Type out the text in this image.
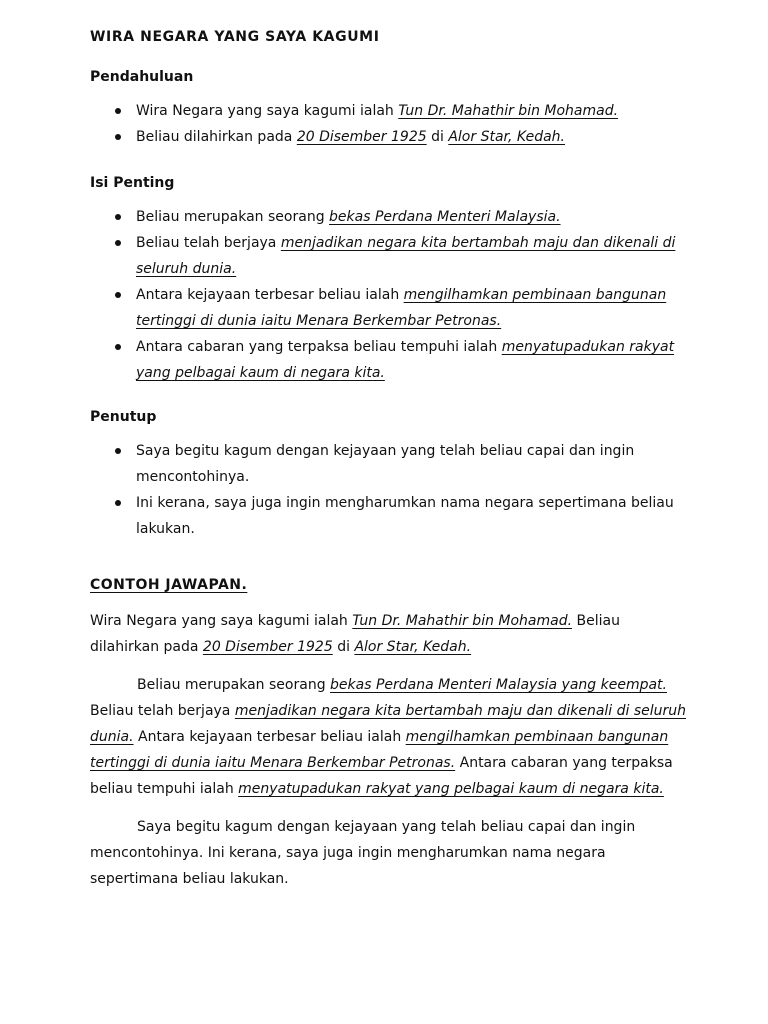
WIRA NEGARA YANG SAYA KAGUMI
Pendahuluan
Wira Negara yang saya kagumi ialah Tun Dr. Mahathir bin Mohamad.
Beliau dilahirkan pada 20 Disember 1925 di Alor Star, Kedah.
Isi Penting
Beliau merupakan seorang bekas Perdana Menteri Malaysia.
Beliau telah berjaya menjadikan negara kita bertambah maju dan dikenali di seluruh dunia.
Antara kejayaan terbesar beliau ialah mengilhamkan pembinaan bangunan tertinggi di dunia iaitu Menara Berkembar Petronas.
Antara cabaran yang terpaksa beliau tempuhi ialah menyatupadukan rakyat yang pelbagai kaum di negara kita.
Penutup
Saya begitu kagum dengan kejayaan yang telah beliau capai dan ingin mencontohinya.
Ini kerana, saya juga ingin mengharumkan nama negara sepertimana beliau lakukan.
CONTOH JAWAPAN.

Wira Negara yang saya kagumi ialah Tun Dr. Mahathir bin Mohamad. Beliau dilahirkan pada 20 Disember 1925 di Alor Star, Kedah.

Beliau merupakan seorang bekas Perdana Menteri Malaysia yang keempat. Beliau telah berjaya menjadikan negara kita bertambah maju dan dikenali di seluruh dunia. Antara kejayaan terbesar beliau ialah mengilhamkan pembinaan bangunan tertinggi di dunia iaitu Menara Berkembar Petronas. Antara cabaran yang terpaksa beliau tempuhi ialah menyatupadukan rakyat yang pelbagai kaum di negara kita.

Saya begitu kagum dengan kejayaan yang telah beliau capai dan ingin mencontohinya. Ini kerana, saya juga ingin mengharumkan nama negara sepertimana beliau lakukan.
